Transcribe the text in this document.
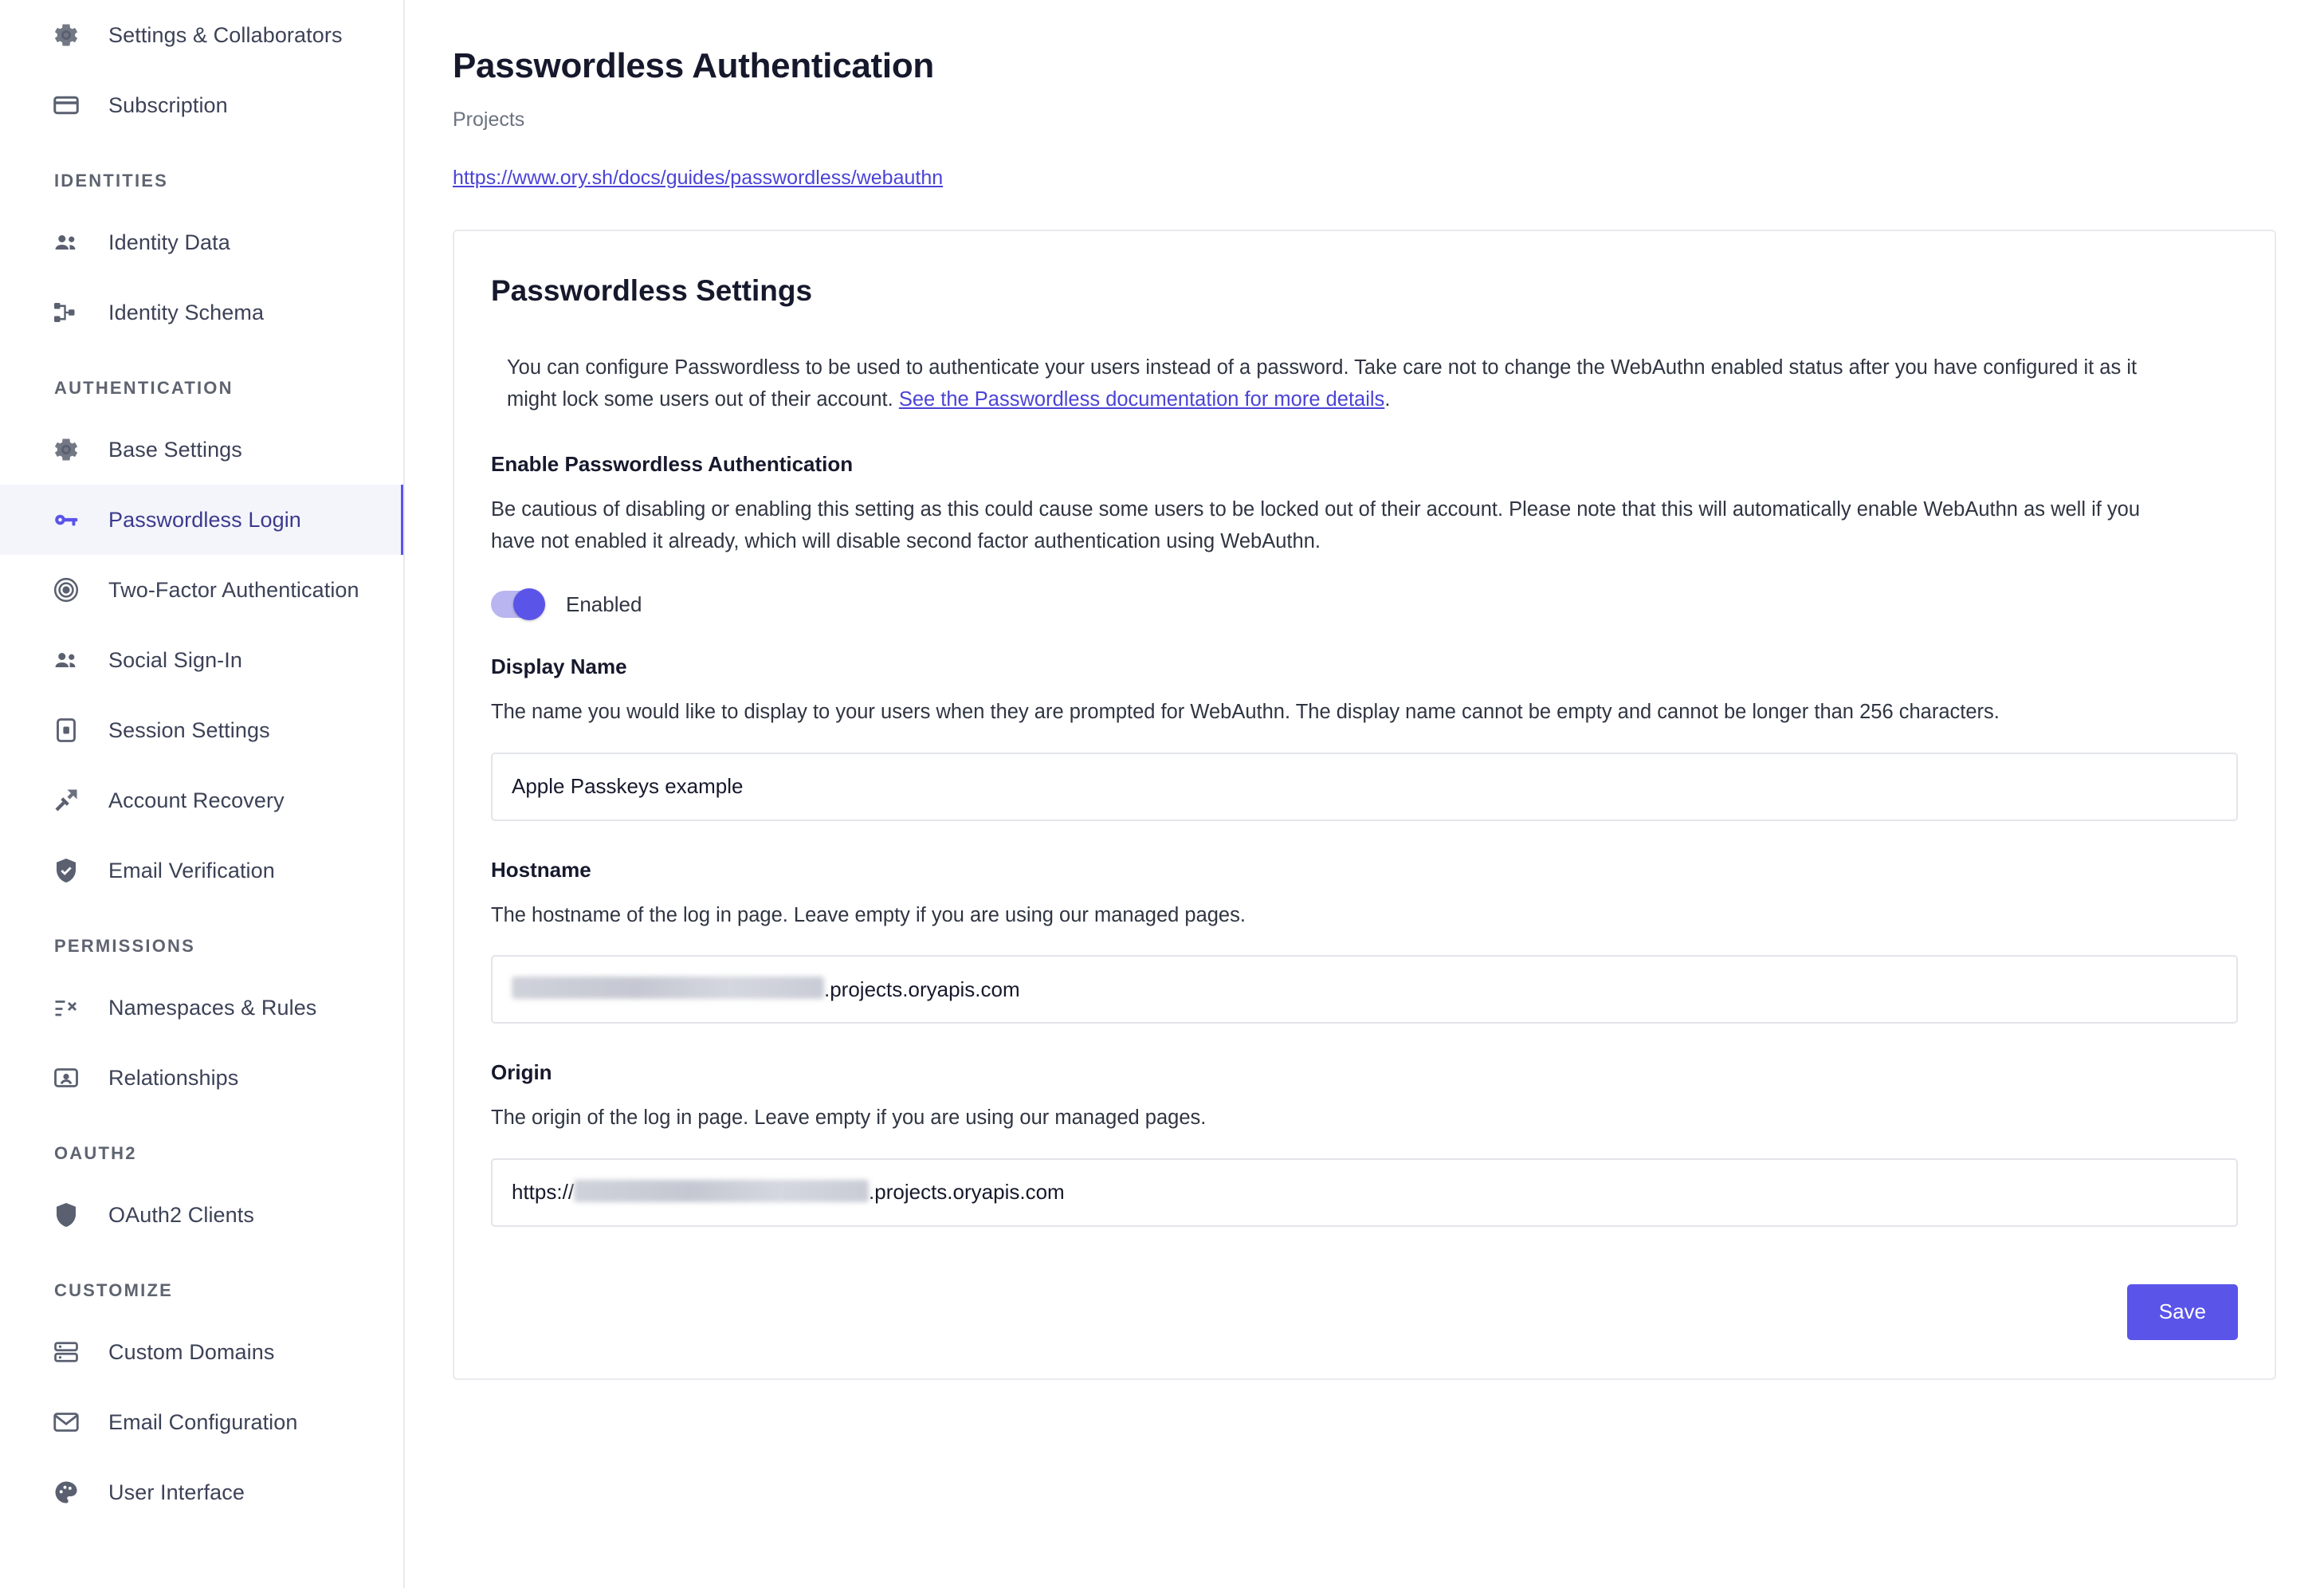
Settings & Collaborators
Subscription
IDENTITIES
Identity Data
Identity Schema
AUTHENTICATION
Base Settings
Passwordless Login
Two-Factor Authentication
Social Sign-In
Session Settings
Account Recovery
Email Verification
PERMISSIONS
Namespaces & Rules
Relationships
OAUTH2
OAuth2 Clients
CUSTOMIZE
Custom Domains
Email Configuration
User Interface
Passwordless Authentication
Projects
https://www.ory.sh/docs/guides/passwordless/webauthn
Passwordless Settings

You can configure Passwordless to be used to authenticate your users instead of a password. Take care not to change the WebAuthn enabled status after you have configured it as it might lock some users out of their account. See the Passwordless documentation for more details.

Enable Passwordless Authentication
Be cautious of disabling or enabling this setting as this could cause some users to be locked out of their account. Please note that this will automatically enable WebAuthn as well if you have not enabled it already, which will disable second factor authentication using WebAuthn.
Enabled
Display Name
The name you would like to display to your users when they are prompted for WebAuthn. The display name cannot be empty and cannot be longer than 256 characters.
Apple Passkeys example
Hostname
The hostname of the log in page. Leave empty if you are using our managed pages.
.projects.oryapis.com
Origin
The origin of the log in page. Leave empty if you are using our managed pages.
https://	.projects.oryapis.com
Save
